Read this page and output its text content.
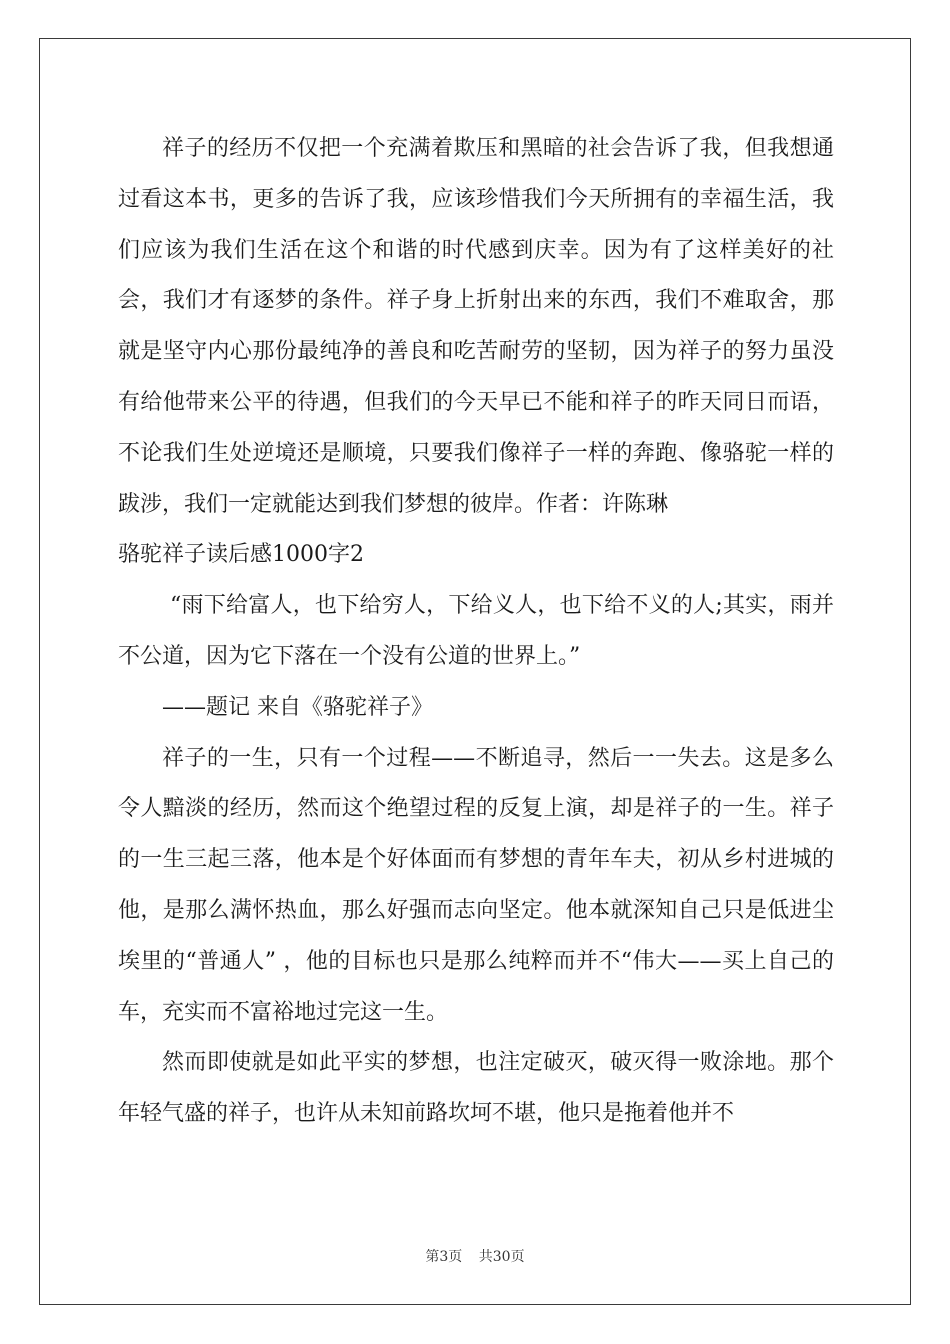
祥子的经历不仅把一个充满着欺压和黑暗的社会告诉了我，但我想通过看这本书，更多的告诉了我，应该珍惜我们今天所拥有的幸福生活，我们应该为我们生活在这个和谐的时代感到庆幸。因为有了这样美好的社会，我们才有逐梦的条件。祥子身上折射出来的东西，我们不难取舍，那就是坚守内心那份最纯净的善良和吃苦耐劳的坚韧，因为祥子的努力虽没有给他带来公平的待遇，但我们的今天早已不能和祥子的昨天同日而语，不论我们生处逆境还是顺境，只要我们像祥子一样的奔跑、像骆驼一样的跋涉，我们一定就能达到我们梦想的彼岸。作者：许陈琳

骆驼祥子读后感1000字2

“雨下给富人，也下给穷人，下给义人，也下给不义的人;其实，雨并不公道，因为它下落在一个没有公道的世界上。”

——题记 来自《骆驼祥子》

祥子的一生，只有一个过程——不断追寻，然后一一失去。这是多么令人黯淡的经历，然而这个绝望过程的反复上演，却是祥子的一生。祥子的一生三起三落，他本是个好体面而有梦想的青年车夫，初从乡村进城的他，是那么满怀热血，那么好强而志向坚定。他本就深知自己只是低进尘埃里的“普通人” ，他的目标也只是那么纯粹而并不“伟大——买上自己的车，充实而不富裕地过完这一生。

然而即使就是如此平实的梦想，也注定破灭，破灭得一败涂地。那个年轻气盛的祥子，也许从未知前路坎坷不堪，他只是拖着他并不

第3页 共30页
